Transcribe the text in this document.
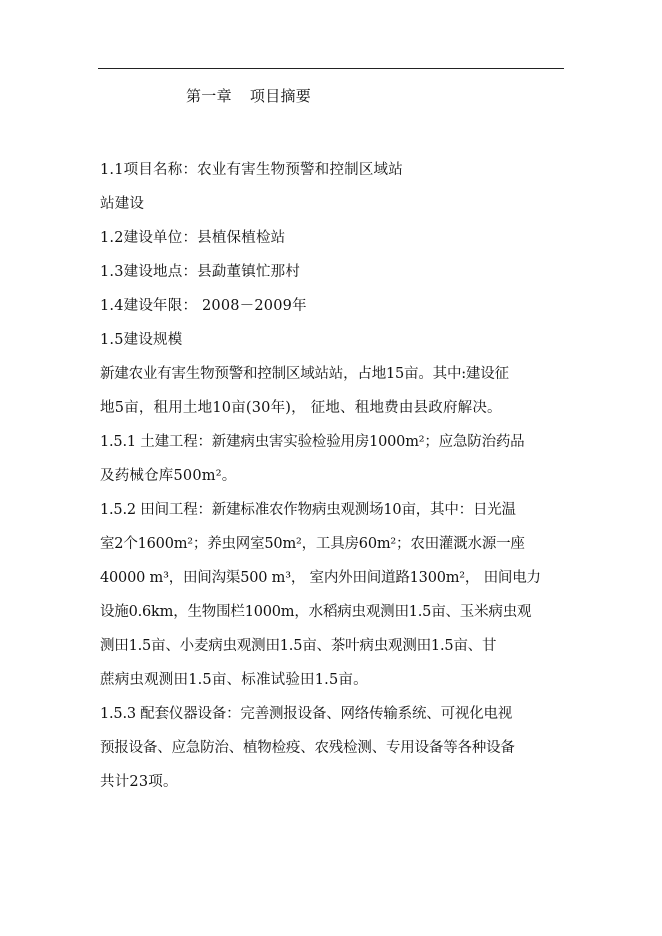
第一章 项目摘要
1.1项目名称：农业有害生物预警和控制区域站
站建设
1.2建设单位：县植保植检站
1.3建设地点：县勐董镇忙那村
1.4建设年限： 2008－2009年
1.5建设规模
新建农业有害生物预警和控制区域站站，占地15亩。其中:建设征
地5亩，租用土地10亩(30年)， 征地、租地费由县政府解决。
1.5.1 土建工程：新建病虫害实验检验用房1000m²；应急防治药品
及药械仓库500m²。
1.5.2 田间工程：新建标准农作物病虫观测场10亩，其中：日光温
室2个1600m²；养虫网室50m²，工具房60m²；农田灌溉水源一座
40000 m³，田间沟渠500 m³， 室内外田间道路1300m²， 田间电力
设施0.6km，生物围栏1000m，水稻病虫观测田1.5亩、玉米病虫观
测田1.5亩、小麦病虫观测田1.5亩、茶叶病虫观测田1.5亩、甘
蔗病虫观测田1.5亩、标准试验田1.5亩。
1.5.3 配套仪器设备：完善测报设备、网络传输系统、可视化电视
预报设备、应急防治、植物检疫、农残检测、专用设备等各种设备
共计23项。
